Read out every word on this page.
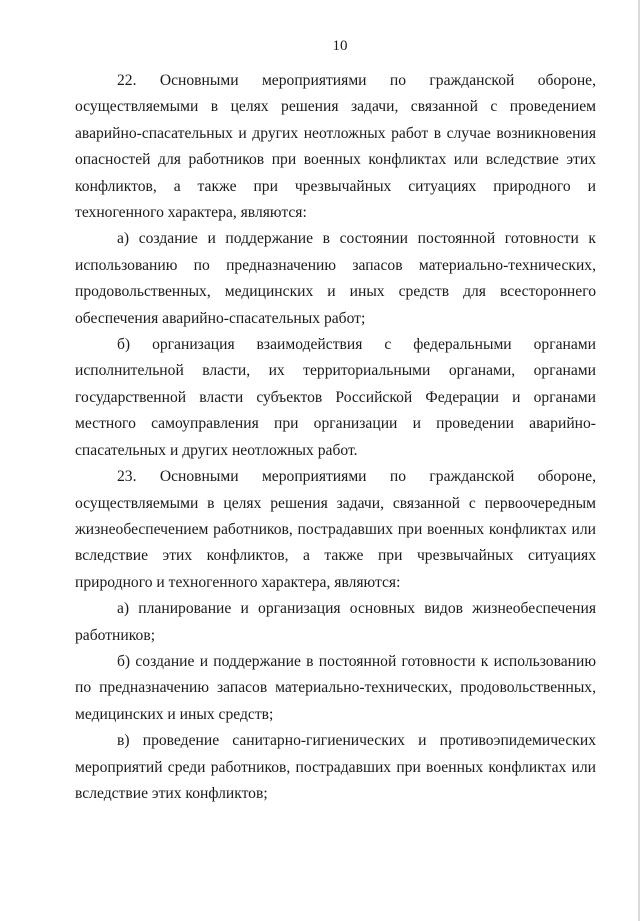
10

22. Основными мероприятиями по гражданской обороне, осуществляемыми в целях решения задачи, связанной с проведением аварийно-спасательных и других неотложных работ в случае возникновения опасностей для работников при военных конфликтах или вследствие этих конфликтов, а также при чрезвычайных ситуациях природного и техногенного характера, являются:

а) создание и поддержание в состоянии постоянной готовности к использованию по предназначению запасов материально-технических, продовольственных, медицинских и иных средств для всестороннего обеспечения аварийно-спасательных работ;

б) организация взаимодействия с федеральными органами исполнительной власти, их территориальными органами, органами государственной власти субъектов Российской Федерации и органами местного самоуправления при организации и проведении аварийно-спасательных и других неотложных работ.

23. Основными мероприятиями по гражданской обороне, осуществляемыми в целях решения задачи, связанной с первоочередным жизнеобеспечением работников, пострадавших при военных конфликтах или вследствие этих конфликтов, а также при чрезвычайных ситуациях природного и техногенного характера, являются:

а) планирование и организация основных видов жизнеобеспечения работников;

б) создание и поддержание в постоянной готовности к использованию по предназначению запасов материально-технических, продовольственных, медицинских и иных средств;

в) проведение санитарно-гигиенических и противоэпидемических мероприятий среди работников, пострадавших при военных конфликтах или вследствие этих конфликтов;
